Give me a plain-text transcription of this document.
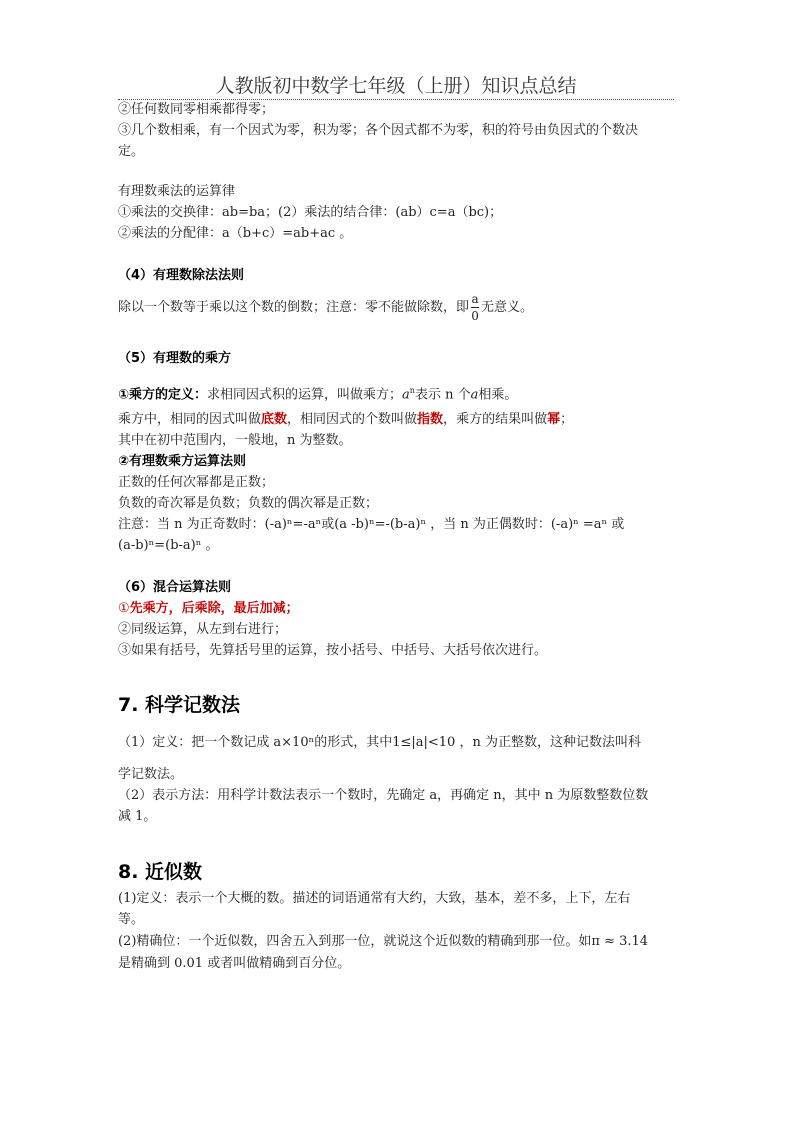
人教版初中数学七年级（上册）知识点总结
②任何数同零相乘都得零；
③几个数相乘，有一个因式为零，积为零；各个因式都不为零，积的符号由负因式的个数决
定。
有理数乘法的运算律
①乘法的交换律：ab=ba；(2）乘法的结合律：(ab）c=a（bc)；
②乘法的分配律：a（b+c）=ab+ac 。
（4）有理数除法法则
除以一个数等于乘以这个数的倒数；注意：零不能做除数，即 $\frac{a}{0}$ 无意义。
（5）有理数的乘方
①乘方的定义：求相同因式积的运算，叫做乘方；$a^n$表示 n 个a相乘。
乘方中，相同的因式叫做底数，相同因式的个数叫做指数，乘方的结果叫做幂；
其中在初中范围内，一般地，n 为整数。
②有理数乘方运算法则
正数的任何次幂都是正数；
负数的奇次幂是负数；负数的偶次幂是正数；
注意：当 n 为正奇数时：(-a)ⁿ=-aⁿ或(a -b)ⁿ=-(b-a)ⁿ ，当 n 为正偶数时：(-a)ⁿ =aⁿ 或
(a-b)ⁿ=(b-a)ⁿ 。
（6）混合运算法则
①先乘方，后乘除，最后加减；
②同级运算，从左到右进行；
③如果有括号，先算括号里的运算，按小括号、中括号、大括号依次进行。
7. 科学记数法
（1）定义：把一个数记成 a×10ⁿ的形式，其中1≤|a|<10 ，n 为正整数，这种记数法叫科
学记数法。
（2）表示方法：用科学计数法表示一个数时，先确定 a，再确定 n，其中 n 为原数整数位数
减 1。
8. 近似数
(1)定义：表示一个大概的数。描述的词语通常有大约，大致，基本，差不多，上下，左右
等。
(2)精确位：一个近似数，四舍五入到那一位，就说这个近似数的精确到那一位。如π ≈ 3.14
是精确到 0.01 或者叫做精确到百分位。
